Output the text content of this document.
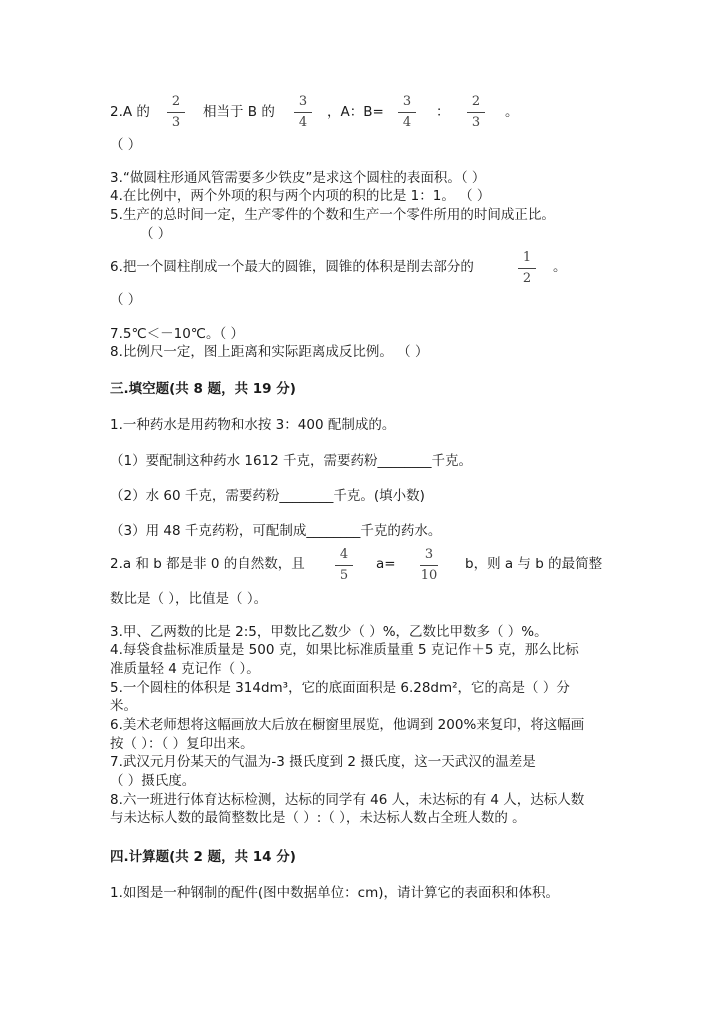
2.A 的
2
3
相当于 B 的
3
4
，A：B=
3
4
：
2
3
。
（ ）
3.“做圆柱形通风管需要多少铁皮”是求这个圆柱的表面积。（ ）
4.在比例中，两个外项的积与两个内项的积的比是 1：1。 （ ）
5.生产的总时间一定，生产零件的个数和生产一个零件所用的时间成正比。
（ ）
6.把一个圆柱削成一个最大的圆锥，圆锥的体积是削去部分的
1
2
。
（ ）
7.5℃＜－10℃。（ ）
8.比例尺一定，图上距离和实际距离成反比例。 （ ）
三.填空题(共 8 题，共 19 分)
1.一种药水是用药物和水按 3：400 配制成的。
（1）要配制这种药水 1612 千克，需要药粉________千克。
（2）水 60 千克，需要药粉________千克。(填小数)
（3）用 48 千克药粉，可配制成________千克的药水。
2.a 和 b 都是非 0 的自然数，且
4
5
a=
3
10
b，则 a 与 b 的最简整
数比是（ ），比值是（ ）。
3.甲、乙两数的比是 2:5，甲数比乙数少（ ）%，乙数比甲数多（ ）%。
4.每袋食盐标准质量是 500 克，如果比标准质量重 5 克记作＋5 克，那么比标
准质量轻 4 克记作（ ）。
5.一个圆柱的体积是 314dm³，它的底面面积是 6.28dm²，它的高是（ ）分
米。
6.美术老师想将这幅画放大后放在橱窗里展览，他调到 200%来复印，将这幅画
按（ ）：（ ）复印出来。
7.武汉元月份某天的气温为-3 摄氏度到 2 摄氏度，这一天武汉的温差是
（ ）摄氏度。
8.六一班进行体育达标检测，达标的同学有 46 人，未达标的有 4 人，达标人数
与未达标人数的最简整数比是（ ）:（ ），未达标人数占全班人数的 。
四.计算题(共 2 题，共 14 分)
1.如图是一种钢制的配件(图中数据单位：cm)，请计算它的表面积和体积。
